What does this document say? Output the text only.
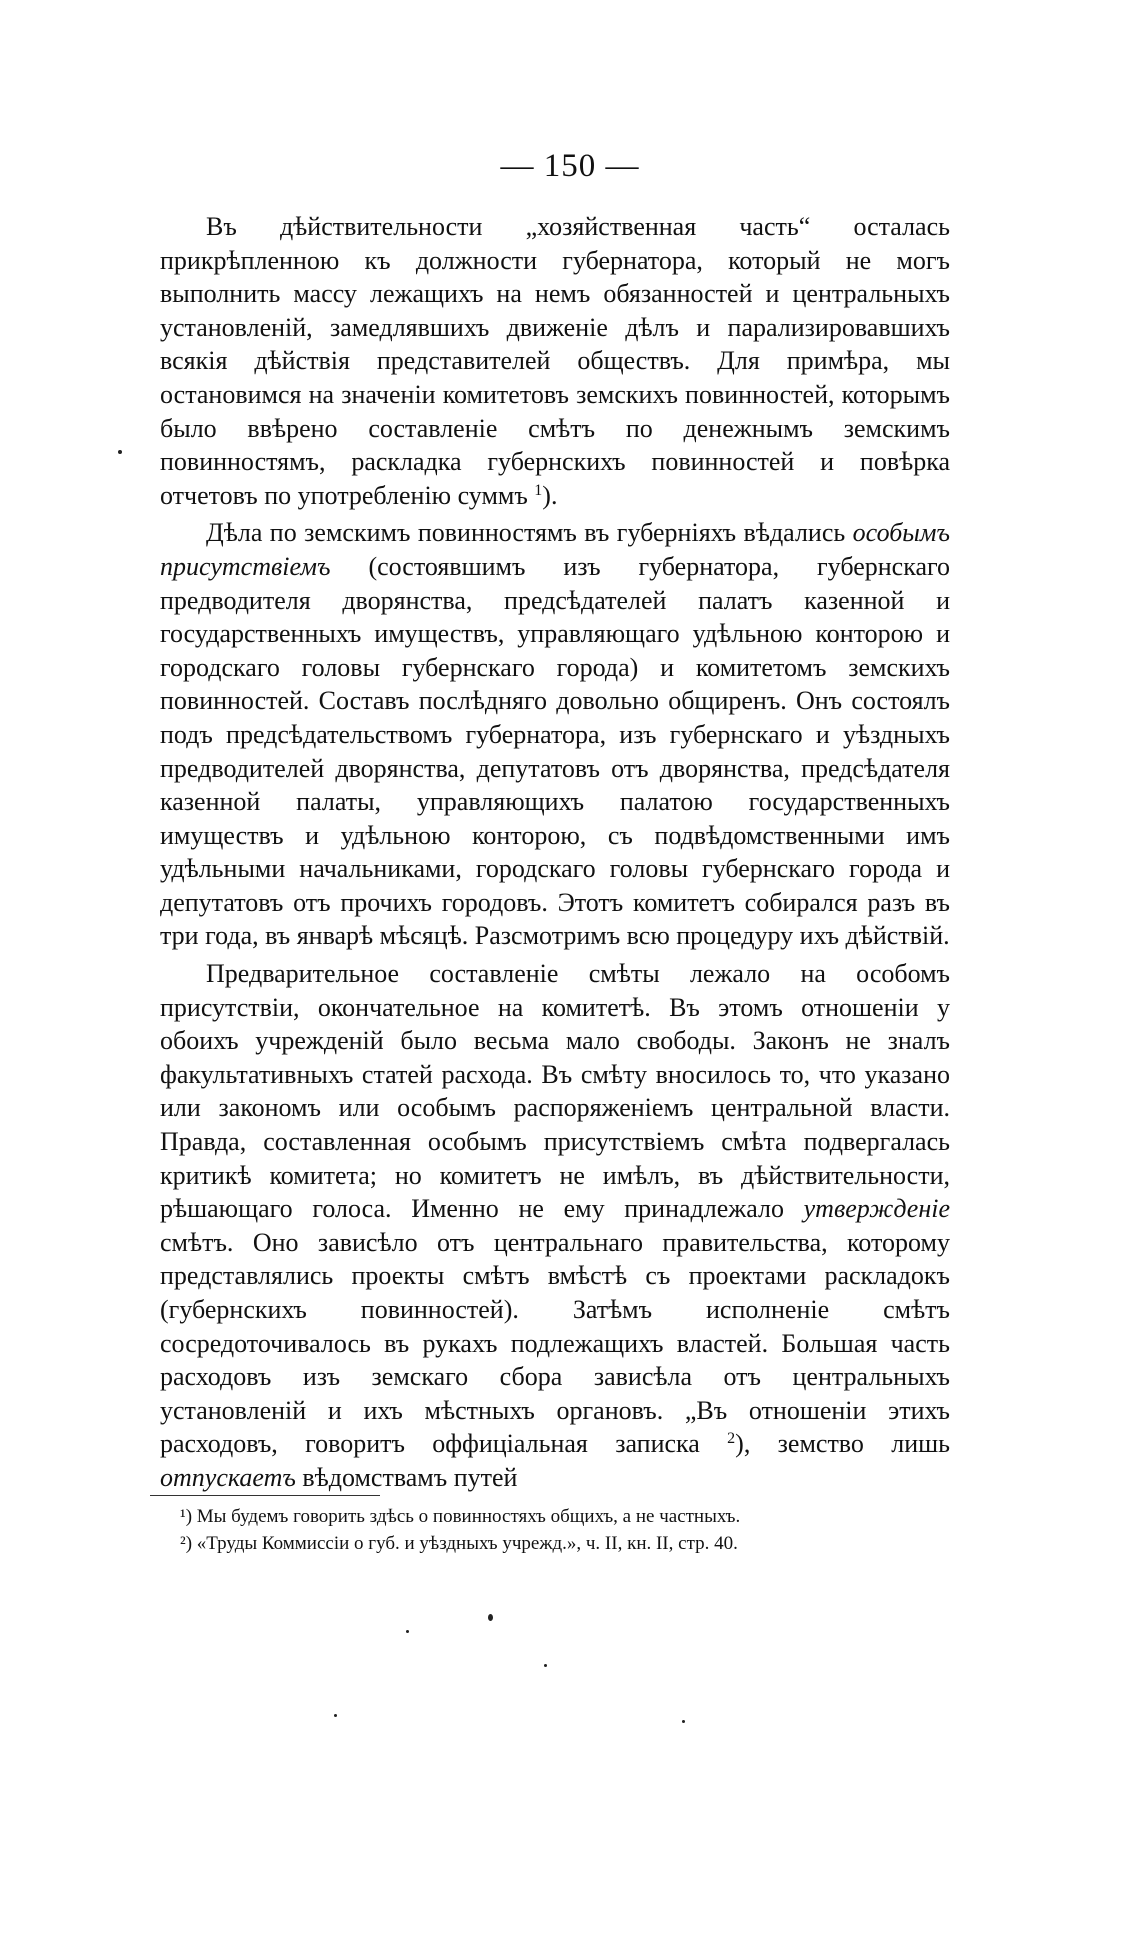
— 150 —

Въ дѣйствительности „хозяйственная часть“ осталась прикрѣпленною къ должности губернатора, который не могъ выполнить массу лежащихъ на немъ обязанностей и центральныхъ установленій, замедлявшихъ движеніе дѣлъ и парализировавшихъ всякія дѣйствія представителей обществъ. Для примѣра, мы остановимся на значеніи комитетовъ земскихъ повинностей, которымъ было ввѣрено составленіе смѣтъ по денежнымъ земскимъ повинностямъ, раскладка губернскихъ повинностей и повѣрка отчетовъ по употребленію суммъ $^1$).

Дѣла по земскимъ повинностямъ въ губерніяхъ вѣдались особымъ присутствіемъ (состоявшимъ изъ губернатора, губернскаго предводителя дворянства, предсѣдателей палатъ казенной и государственныхъ имуществъ, управляющаго удѣльною конторою и городскаго головы губернскаго города) и комитетомъ земскихъ повинностей. Составъ послѣдняго довольно общиренъ. Онъ состоялъ подъ предсѣдательствомъ губернатора, изъ губернскаго и уѣздныхъ предводителей дворянства, депутатовъ отъ дворянства, предсѣдателя казенной палаты, управляющихъ палатою государственныхъ имуществъ и удѣльною конторою, съ подвѣдомственными имъ удѣльными начальниками, городскаго головы губернскаго города и депутатовъ отъ прочихъ городовъ. Этотъ комитетъ собирался разъ въ три года, въ январѣ мѣсяцѣ. Разсмотримъ всю процедуру ихъ дѣйствій.

Предварительное составленіе смѣты лежало на особомъ присутствіи, окончательное на комитетѣ. Въ этомъ отношеніи у обоихъ учрежденій было весьма мало свободы. Законъ не зналъ факультативныхъ статей расхода. Въ смѣту вносилось то, что указано или закономъ или особымъ распоряженіемъ центральной власти. Правда, составленная особымъ присутствіемъ смѣта подвергалась критикѣ комитета; но комитетъ не имѣлъ, въ дѣйствительности, рѣшающаго голоса. Именно не ему принадлежало утвержденіе смѣтъ. Оно зависѣло отъ центральнаго правительства, которому представлялись проекты смѣтъ вмѣстѣ съ проектами раскладокъ (губернскихъ повинностей). Затѣмъ исполненіе смѣтъ сосредоточивалось въ рукахъ подлежащихъ властей. Большая часть расходовъ изъ земскаго сбора зависѣла отъ центральныхъ установленій и ихъ мѣстныхъ органовъ. „Въ отношеніи этихъ расходовъ, говоритъ оффиціальная записка $^2$), земство лишь отпускаетъ вѣдомствамъ путей

¹) Мы будемъ говорить здѣсь о повинностяхъ общихъ, а не частныхъ.
²) «Труды Коммиссіи о губ. и уѣздныхъ учрежд.», ч. II, кн. II, стр. 40.
